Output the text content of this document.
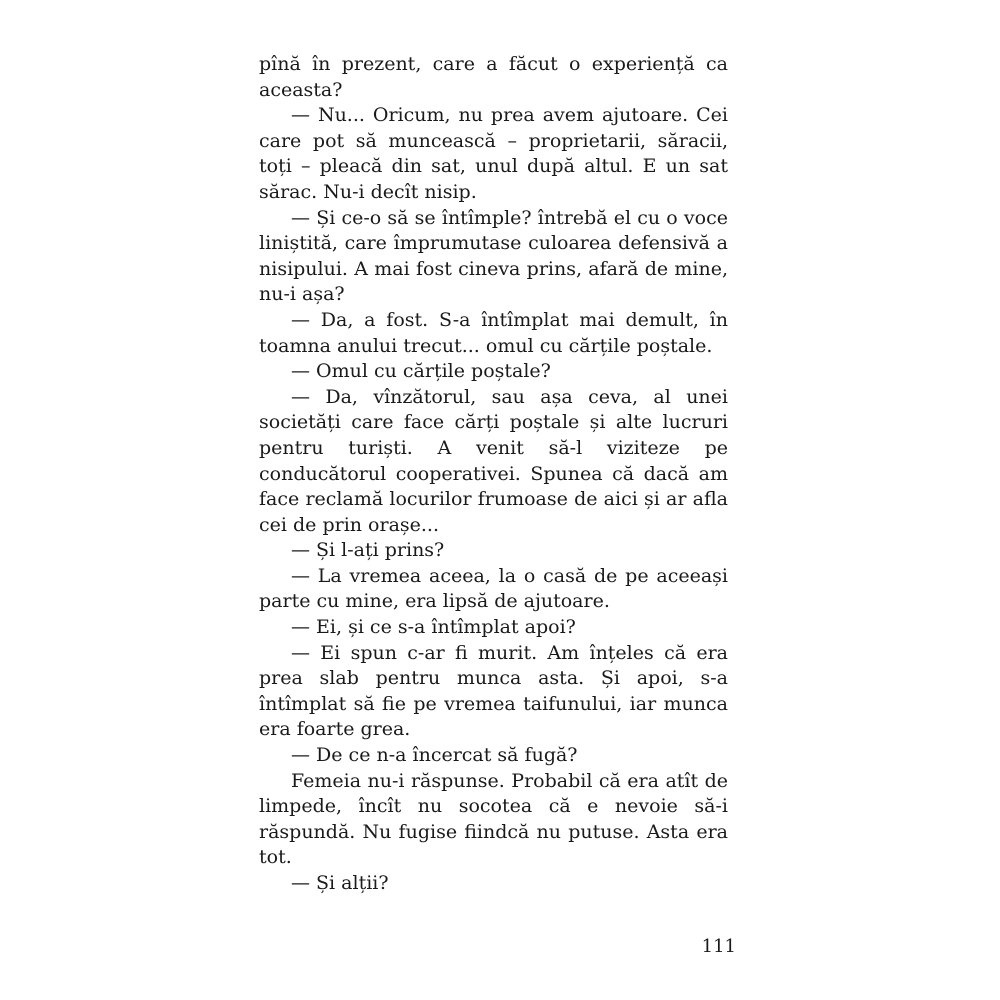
pînă în prezent, care a făcut o experiență ca aceasta?

— Nu... Oricum, nu prea avem ajutoare. Cei care pot să muncească – proprietarii, săracii, toți – pleacă din sat, unul după altul. E un sat sărac. Nu-i decît nisip.

— Și ce-o să se întîmple? întrebă el cu o voce liniștită, care împrumutase culoarea defensivă a nisipului. A mai fost cineva prins, afară de mine, nu-i așa?

— Da, a fost. S-a întîmplat mai demult, în toamna anului trecut... omul cu cărțile poștale.

— Omul cu cărțile poștale?

— Da, vînzătorul, sau așa ceva, al unei societăți care face cărți poștale și alte lucruri pentru turiști. A venit să-l viziteze pe conducătorul cooperativei. Spunea că dacă am face reclamă locurilor frumoase de aici și ar afla cei de prin orașe...

— Și l-ați prins?

— La vremea aceea, la o casă de pe aceeași parte cu mine, era lipsă de ajutoare.

— Ei, și ce s-a întîmplat apoi?

— Ei spun c-ar fi murit. Am înțeles că era prea slab pentru munca asta. Și apoi, s-a întîmplat să fie pe vremea taifunului, iar munca era foarte grea.

— De ce n-a încercat să fugă?

Femeia nu-i răspunse. Probabil că era atît de limpede, încît nu socotea că e nevoie să-i răspundă. Nu fugise fiindcă nu putuse. Asta era tot.

— Și alții?

111
